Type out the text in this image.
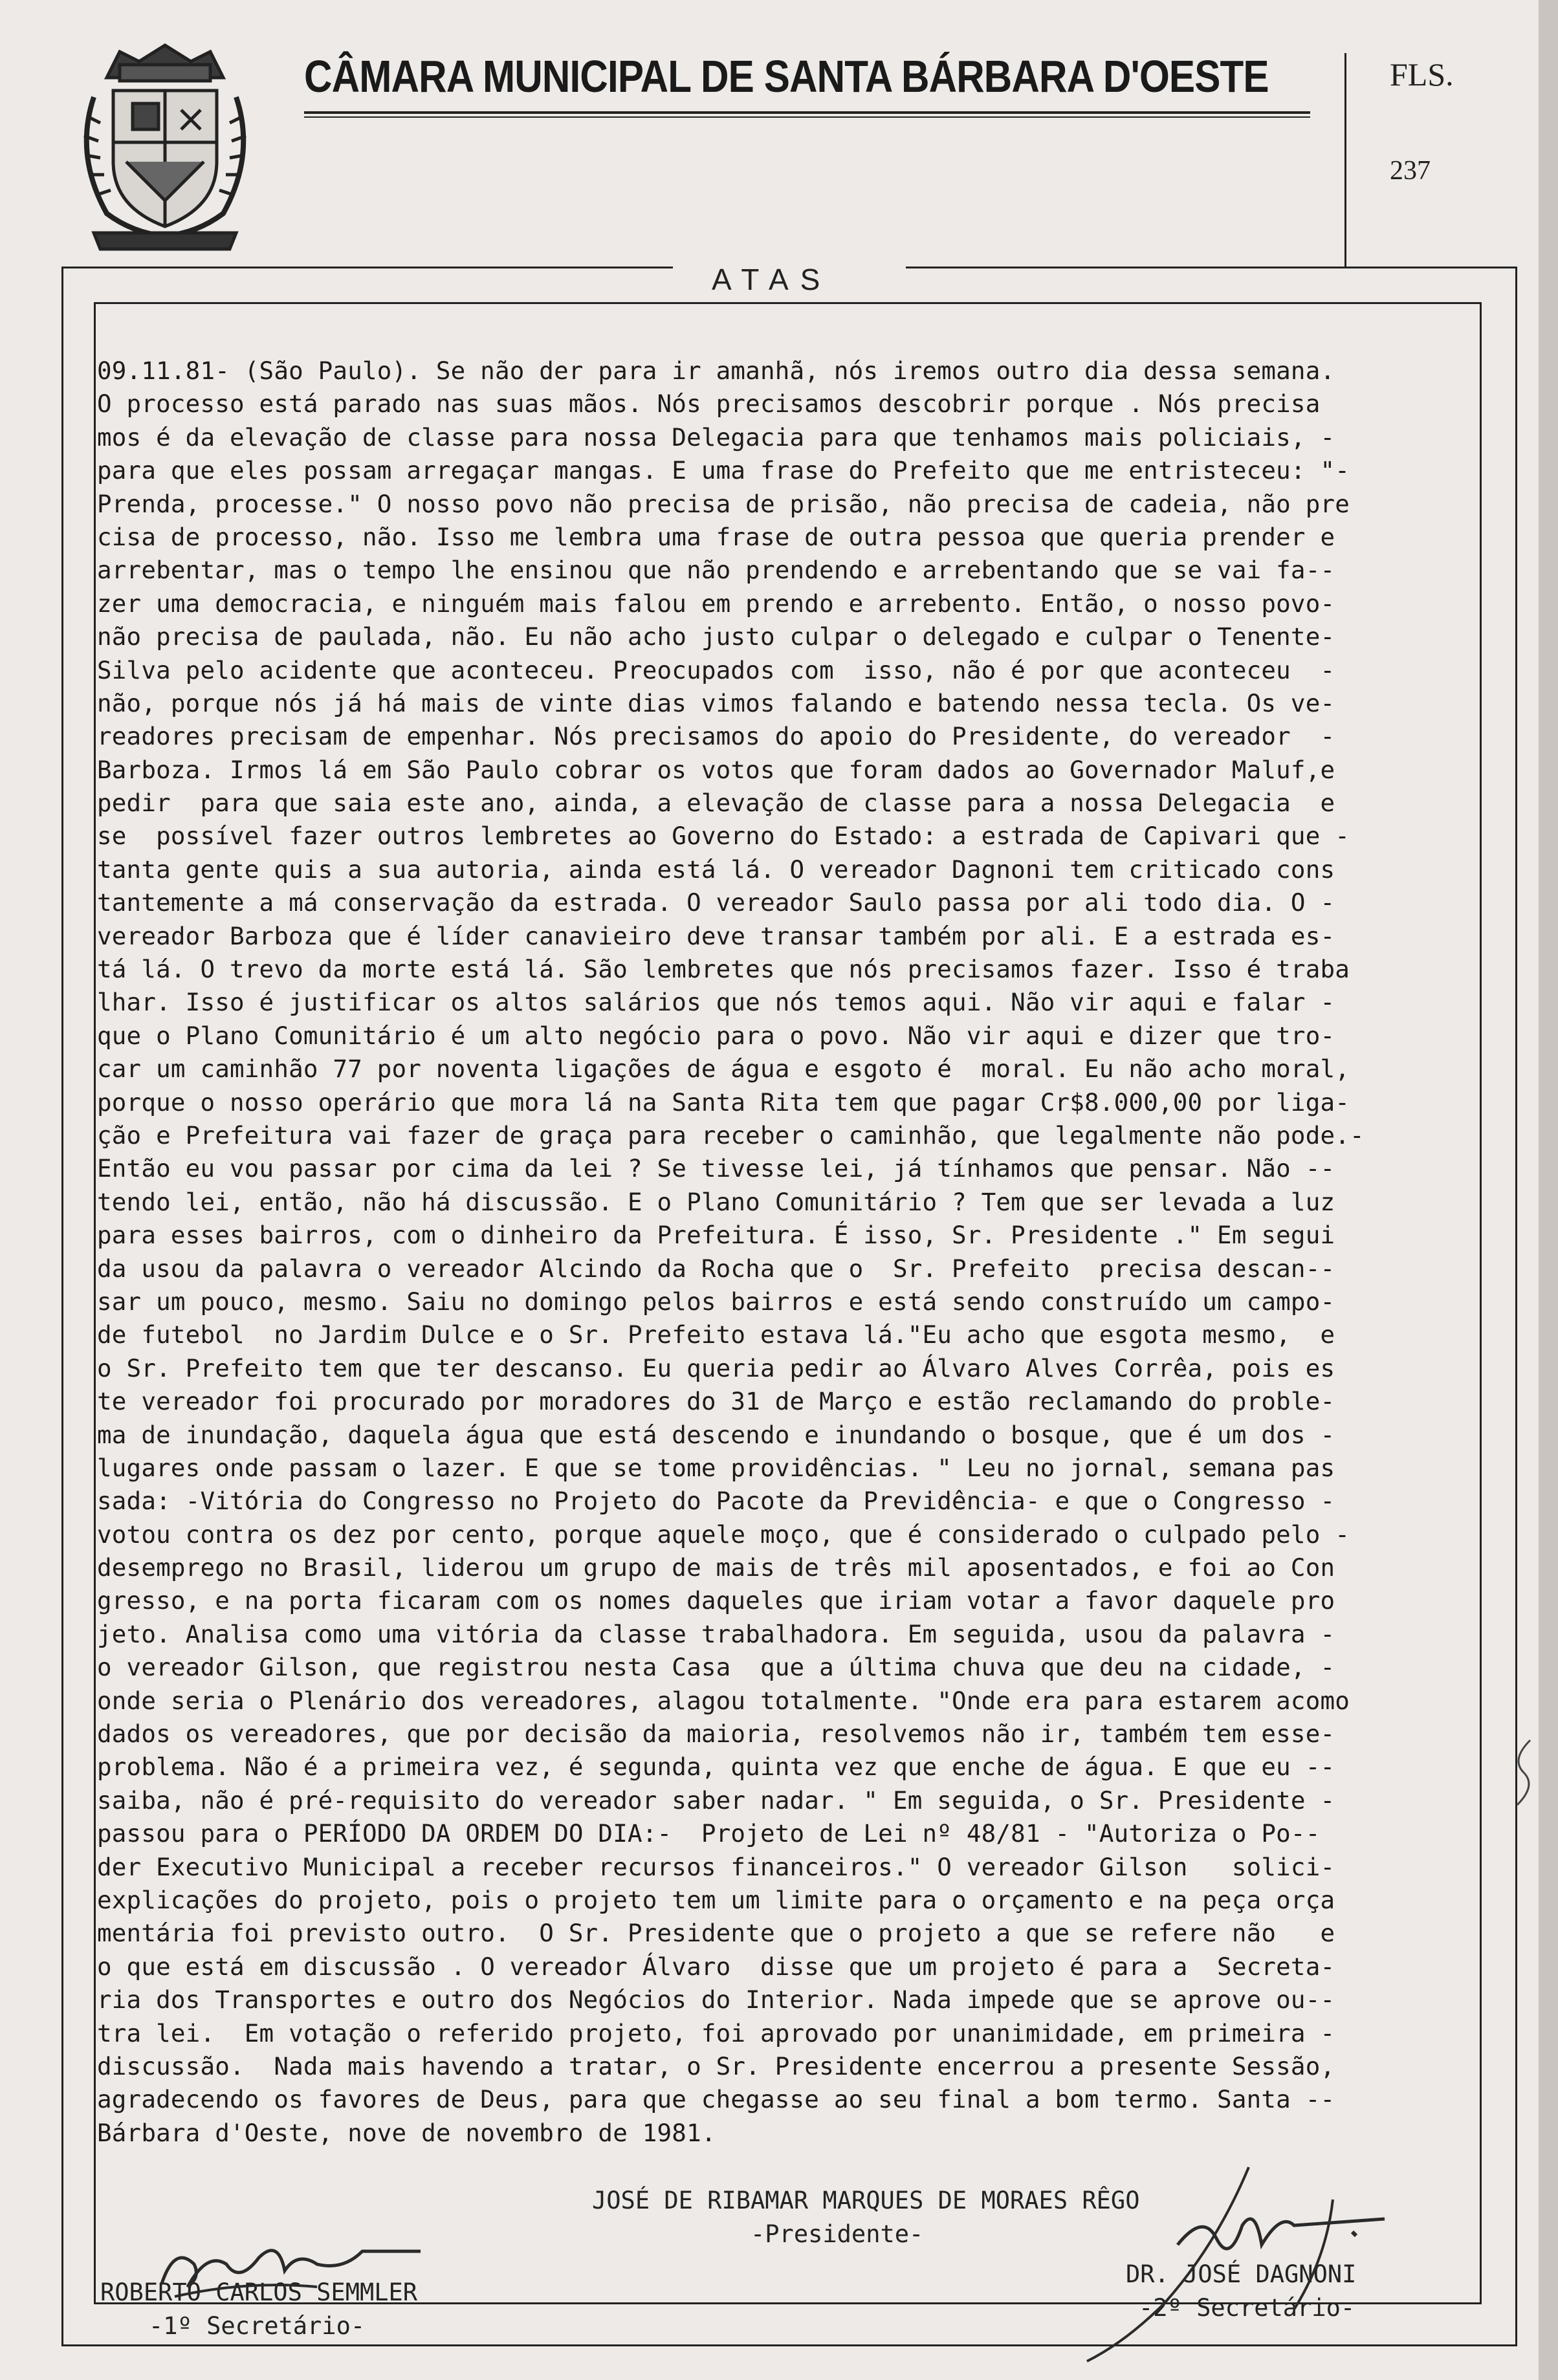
CÂMARA MUNICIPAL DE SANTA BÁRBARA D'OESTE	FLS.
237
ATAS
09.11.81- (São Paulo). Se não der para ir amanhã, nós iremos outro dia dessa semana.
O processo está parado nas suas mãos. Nós precisamos descobrir porque . Nós precisa
mos é da elevação de classe para nossa Delegacia para que tenhamos mais policiais, -
para que eles possam arregaçar mangas. E uma frase do Prefeito que me entristeceu: "-
Prenda, processe." O nosso povo não precisa de prisão, não precisa de cadeia, não pre
cisa de processo, não. Isso me lembra uma frase de outra pessoa que queria prender e
arrebentar, mas o tempo lhe ensinou que não prendendo e arrebentando que se vai fa--
zer uma democracia, e ninguém mais falou em prendo e arrebento. Então, o nosso povo-
não precisa de paulada, não. Eu não acho justo culpar o delegado e culpar o Tenente-
Silva pelo acidente que aconteceu. Preocupados com  isso, não é por que aconteceu  -
não, porque nós já há mais de vinte dias vimos falando e batendo nessa tecla. Os ve-
readores precisam de empenhar. Nós precisamos do apoio do Presidente, do vereador  -
Barboza. Irmos lá em São Paulo cobrar os votos que foram dados ao Governador Maluf,e
pedir  para que saia este ano, ainda, a elevação de classe para a nossa Delegacia  e
se  possível fazer outros lembretes ao Governo do Estado: a estrada de Capivari que -
tanta gente quis a sua autoria, ainda está lá. O vereador Dagnoni tem criticado cons
tantemente a má conservação da estrada. O vereador Saulo passa por ali todo dia. O -
vereador Barboza que é líder canavieiro deve transar também por ali. E a estrada es-
tá lá. O trevo da morte está lá. São lembretes que nós precisamos fazer. Isso é traba
lhar. Isso é justificar os altos salários que nós temos aqui. Não vir aqui e falar -
que o Plano Comunitário é um alto negócio para o povo. Não vir aqui e dizer que tro-
car um caminhão 77 por noventa ligações de água e esgoto é  moral. Eu não acho moral,
porque o nosso operário que mora lá na Santa Rita tem que pagar Cr$8.000,00 por liga-
ção e Prefeitura vai fazer de graça para receber o caminhão, que legalmente não pode.-
Então eu vou passar por cima da lei ? Se tivesse lei, já tínhamos que pensar. Não --
tendo lei, então, não há discussão. E o Plano Comunitário ? Tem que ser levada a luz
para esses bairros, com o dinheiro da Prefeitura. É isso, Sr. Presidente ." Em segui
da usou da palavra o vereador Alcindo da Rocha que o  Sr. Prefeito  precisa descan--
sar um pouco, mesmo. Saiu no domingo pelos bairros e está sendo construído um campo-
de futebol  no Jardim Dulce e o Sr. Prefeito estava lá."Eu acho que esgota mesmo,  e
o Sr. Prefeito tem que ter descanso. Eu queria pedir ao Álvaro Alves Corrêa, pois es
te vereador foi procurado por moradores do 31 de Março e estão reclamando do proble-
ma de inundação, daquela água que está descendo e inundando o bosque, que é um dos -
lugares onde passam o lazer. E que se tome providências. " Leu no jornal, semana pas
sada: -Vitória do Congresso no Projeto do Pacote da Previdência- e que o Congresso -
votou contra os dez por cento, porque aquele moço, que é considerado o culpado pelo -
desemprego no Brasil, liderou um grupo de mais de três mil aposentados, e foi ao Con
gresso, e na porta ficaram com os nomes daqueles que iriam votar a favor daquele pro
jeto. Analisa como uma vitória da classe trabalhadora. Em seguida, usou da palavra -
o vereador Gilson, que registrou nesta Casa  que a última chuva que deu na cidade, -
onde seria o Plenário dos vereadores, alagou totalmente. "Onde era para estarem acomo
dados os vereadores, que por decisão da maioria, resolvemos não ir, também tem esse-
problema. Não é a primeira vez, é segunda, quinta vez que enche de água. E que eu --
saiba, não é pré-requisito do vereador saber nadar. " Em seguida, o Sr. Presidente -
passou para o PERÍODO DA ORDEM DO DIA:-  Projeto de Lei nº 48/81 - "Autoriza o Po--
der Executivo Municipal a receber recursos financeiros." O vereador Gilson   solici-
explicações do projeto, pois o projeto tem um limite para o orçamento e na peça orça
mentária foi previsto outro.  O Sr. Presidente que o projeto a que se refere não   e
o que está em discussão . O vereador Álvaro  disse que um projeto é para a  Secreta-
ria dos Transportes e outro dos Negócios do Interior. Nada impede que se aprove ou--
tra lei.  Em votação o referido projeto, foi aprovado por unanimidade, em primeira -
discussão.  Nada mais havendo a tratar, o Sr. Presidente encerrou a presente Sessão,
agradecendo os favores de Deus, para que chegasse ao seu final a bom termo. Santa --
Bárbara d'Oeste, nove de novembro de 1981.
JOSÉ DE RIBAMAR MARQUES DE MORAES RÊGO
-Presidente-
ROBERTO CARLOS SEMMLER
-1º Secretário-
DR. JOSÉ DAGNONI
-2º Secretário-
